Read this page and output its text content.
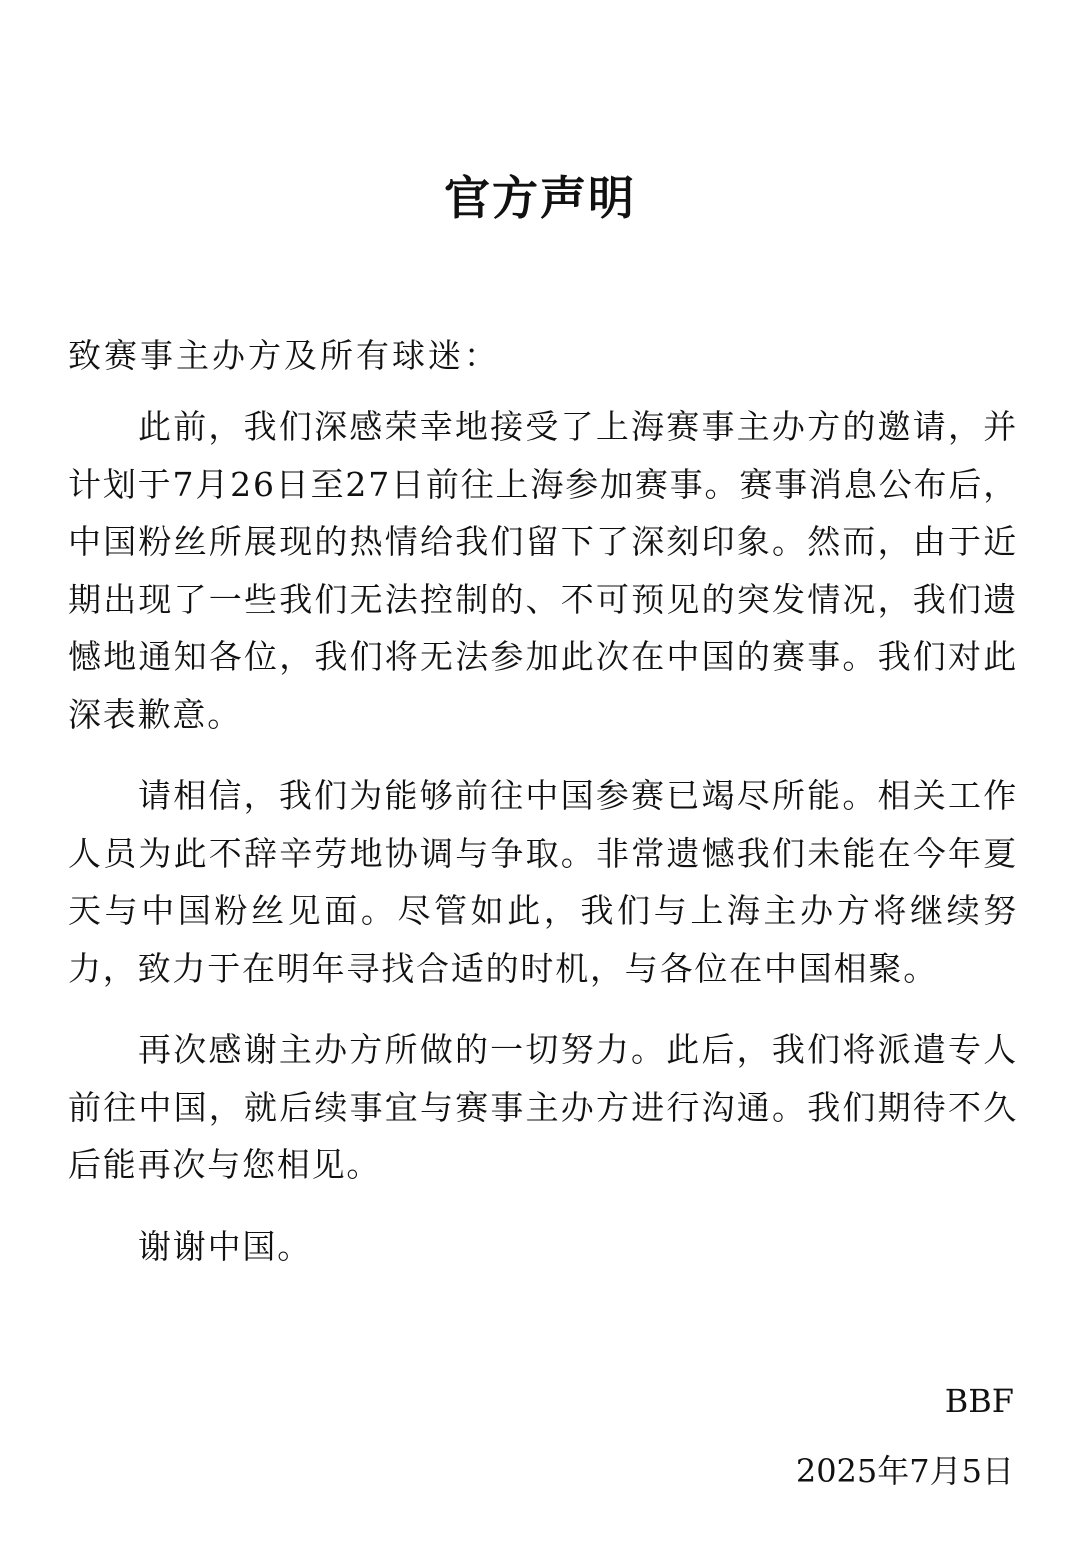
官方声明

致赛事主办方及所有球迷：

此前，我们深感荣幸地接受了上海赛事主办方的邀请，并计划于7月26日至27日前往上海参加赛事。赛事消息公布后，中国粉丝所展现的热情给我们留下了深刻印象。然而，由于近期出现了一些我们无法控制的、不可预见的突发情况，我们遗憾地通知各位，我们将无法参加此次在中国的赛事。我们对此深表歉意。

请相信，我们为能够前往中国参赛已竭尽所能。相关工作人员为此不辞辛劳地协调与争取。非常遗憾我们未能在今年夏天与中国粉丝见面。尽管如此，我们与上海主办方将继续努力，致力于在明年寻找合适的时机，与各位在中国相聚。

再次感谢主办方所做的一切努力。此后，我们将派遣专人前往中国，就后续事宜与赛事主办方进行沟通。我们期待不久后能再次与您相见。

谢谢中国。

BBF

2025年7月5日
